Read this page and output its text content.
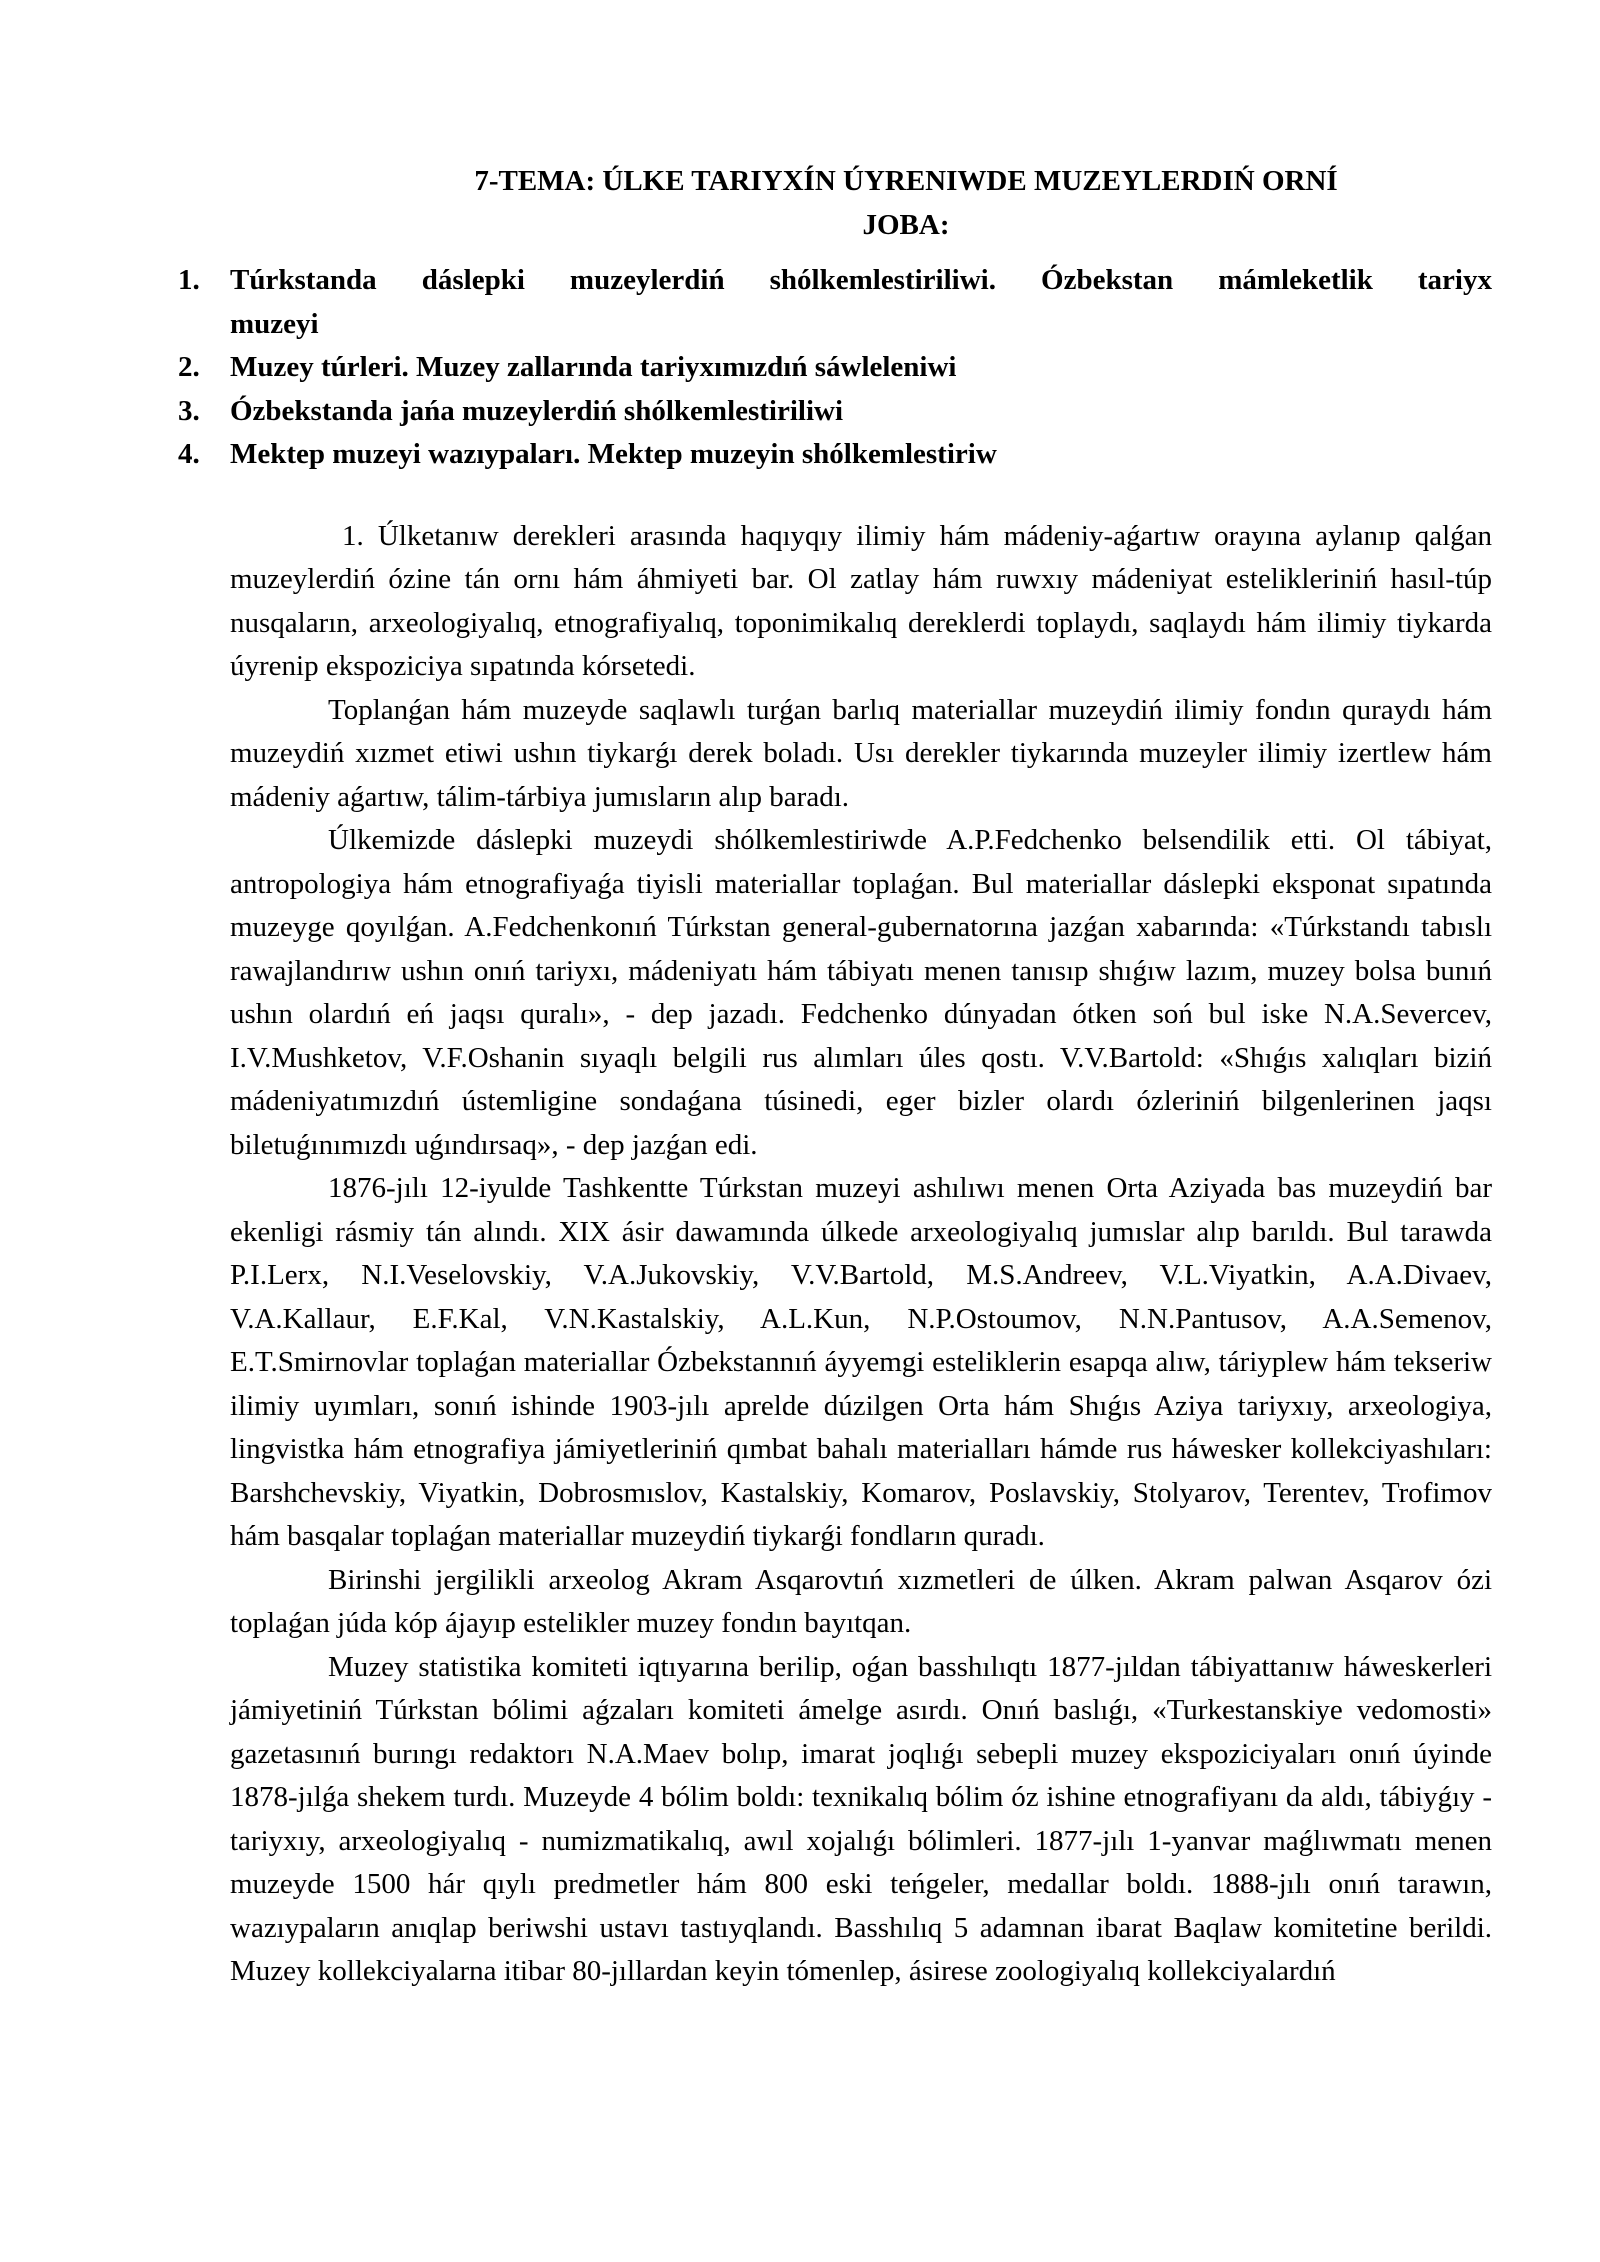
7-TEMA: ÚLKE TARIYXÍN ÚYRENIWDE MUZEYLERDIŃ ORNÍ

JOBA:

1. Túrkstanda dáslepki muzeylerdiń shólkemlestiriliwi. Ózbekstan mámleketlik tariyx
muzeyi
2. Muzey túrleri. Muzey zallarında tariyxımızdıń sáwleleniwi
3. Ózbekstanda jańa muzeylerdiń shólkemlestiriliwi
4. Mektep muzeyi wazıypaları. Mektep muzeyin shólkemlestiriw

1. Úlketanıw derekleri arasında haqıyqıy ilimiy hám mádeniy-aǵartıw orayına aylanıp qalǵan muzeylerdiń ózine tán ornı hám áhmiyeti bar. Ol zatlay hám ruwxıy mádeniyat estelikleriniń hasıl-túp nusqaların, arxeologiyalıq, etnografiyalıq, toponimikalıq dereklerdi toplaydı, saqlaydı hám ilimiy tiykarda úyrenip ekspoziciya sıpatında kórsetedi.

Toplanǵan hám muzeyde saqlawlı turǵan barlıq materiallar muzeydiń ilimiy fondın quraydı hám muzeydiń xızmet etiwi ushın tiykarǵı derek boladı. Usı derekler tiykarında muzeyler ilimiy izertlew hám mádeniy aǵartıw, tálim-tárbiya jumısların alıp baradı.

Úlkemizde dáslepki muzeydi shólkemlestiriwde A.P.Fedchenko belsendilik etti. Ol tábiyat, antropologiya hám etnografiyaǵa tiyisli materiallar toplaǵan. Bul materiallar dáslepki eksponat sıpatında muzeyge qoyılǵan. A.Fedchenkonıń Túrkstan general-gubernatorına jazǵan xabarında: «Túrkstandı tabıslı rawajlandırıw ushın onıń tariyxı, mádeniyatı hám tábiyatı menen tanısıp shıǵıw lazım, muzey bolsa bunıń ushın olardıń eń jaqsı quralı», - dep jazadı. Fedchenko dúnyadan ótken soń bul iske N.A.Severcev, I.V.Mushketov, V.F.Oshanin sıyaqlı belgili rus alımları úles qostı. V.V.Bartold: «Shıǵıs xalıqları biziń mádeniyatımızdıń ústemligine sondaǵana túsinedi, eger bizler olardı ózleriniń bilgenlerinen jaqsı biletuǵınımızdı uǵındırsaq», - dep jazǵan edi.

1876-jılı 12-iyulde Tashkentte Túrkstan muzeyi ashılıwı menen Orta Aziyada bas muzeydiń bar ekenligi rásmiy tán alındı. XIX ásir dawamında úlkede arxeologiyalıq jumıslar alıp barıldı. Bul tarawda P.I.Lerx, N.I.Veselovskiy, V.A.Jukovskiy, V.V.Bartold, M.S.Andreev, V.L.Viyatkin, A.A.Divaev, V.A.Kallaur, E.F.Kal, V.N.Kastalskiy, A.L.Kun, N.P.Ostoumov, N.N.Pantusov, A.A.Semenov, E.T.Smirnovlar toplaǵan materiallar Ózbekstannıń áyyemgi esteliklerin esapqa alıw, táriyplew hám tekseriw ilimiy uyımları, sonıń ishinde 1903-jılı aprelde dúzilgen Orta hám Shıǵıs Aziya tariyxıy, arxeologiya, lingvistka hám etnografiya jámiyetleriniń qımbat bahalı materialları hámde rus háwesker kollekciyashıları: Barshchevskiy, Viyatkin, Dobrosmıslov, Kastalskiy, Komarov, Poslavskiy, Stolyarov, Terentev, Trofimov hám basqalar toplaǵan materiallar muzeydiń tiykarǵi fondların quradı.

Birinshi jergilikli arxeolog Akram Asqarovtıń xızmetleri de úlken. Akram palwan Asqarov ózi toplaǵan júda kóp ájayıp estelikler muzey fondın bayıtqan.

Muzey statistika komiteti iqtıyarına berilip, oǵan basshılıqtı 1877-jıldan tábiyattanıw háweskerleri jámiyetiniń Túrkstan bólimi aǵzaları komiteti ámelge asırdı. Onıń baslıǵı, «Turkestanskiye vedomosti» gazetasınıń burıngı redaktorı N.A.Maev bolıp, imarat joqlıǵı sebepli muzey ekspoziciyaları onıń úyinde 1878-jılǵa shekem turdı. Muzeyde 4 bólim boldı: texnikalıq bólim óz ishine etnografiyanı da aldı, tábiyǵıy - tariyxıy, arxeologiyalıq - numizmatikalıq, awıl xojalıǵı bólimleri. 1877-jılı 1-yanvar maǵlıwmatı menen muzeyde 1500 hár qıylı predmetler hám 800 eski teńgeler, medallar boldı. 1888-jılı onıń tarawın, wazıypaların anıqlap beriwshi ustavı tastıyqlandı. Basshılıq 5 adamnan ibarat Baqlaw komitetine berildi. Muzey kollekciyalarna itibar 80-jıllardan keyin tómenlep, ásirese zoologiyalıq kollekciyalardıń
